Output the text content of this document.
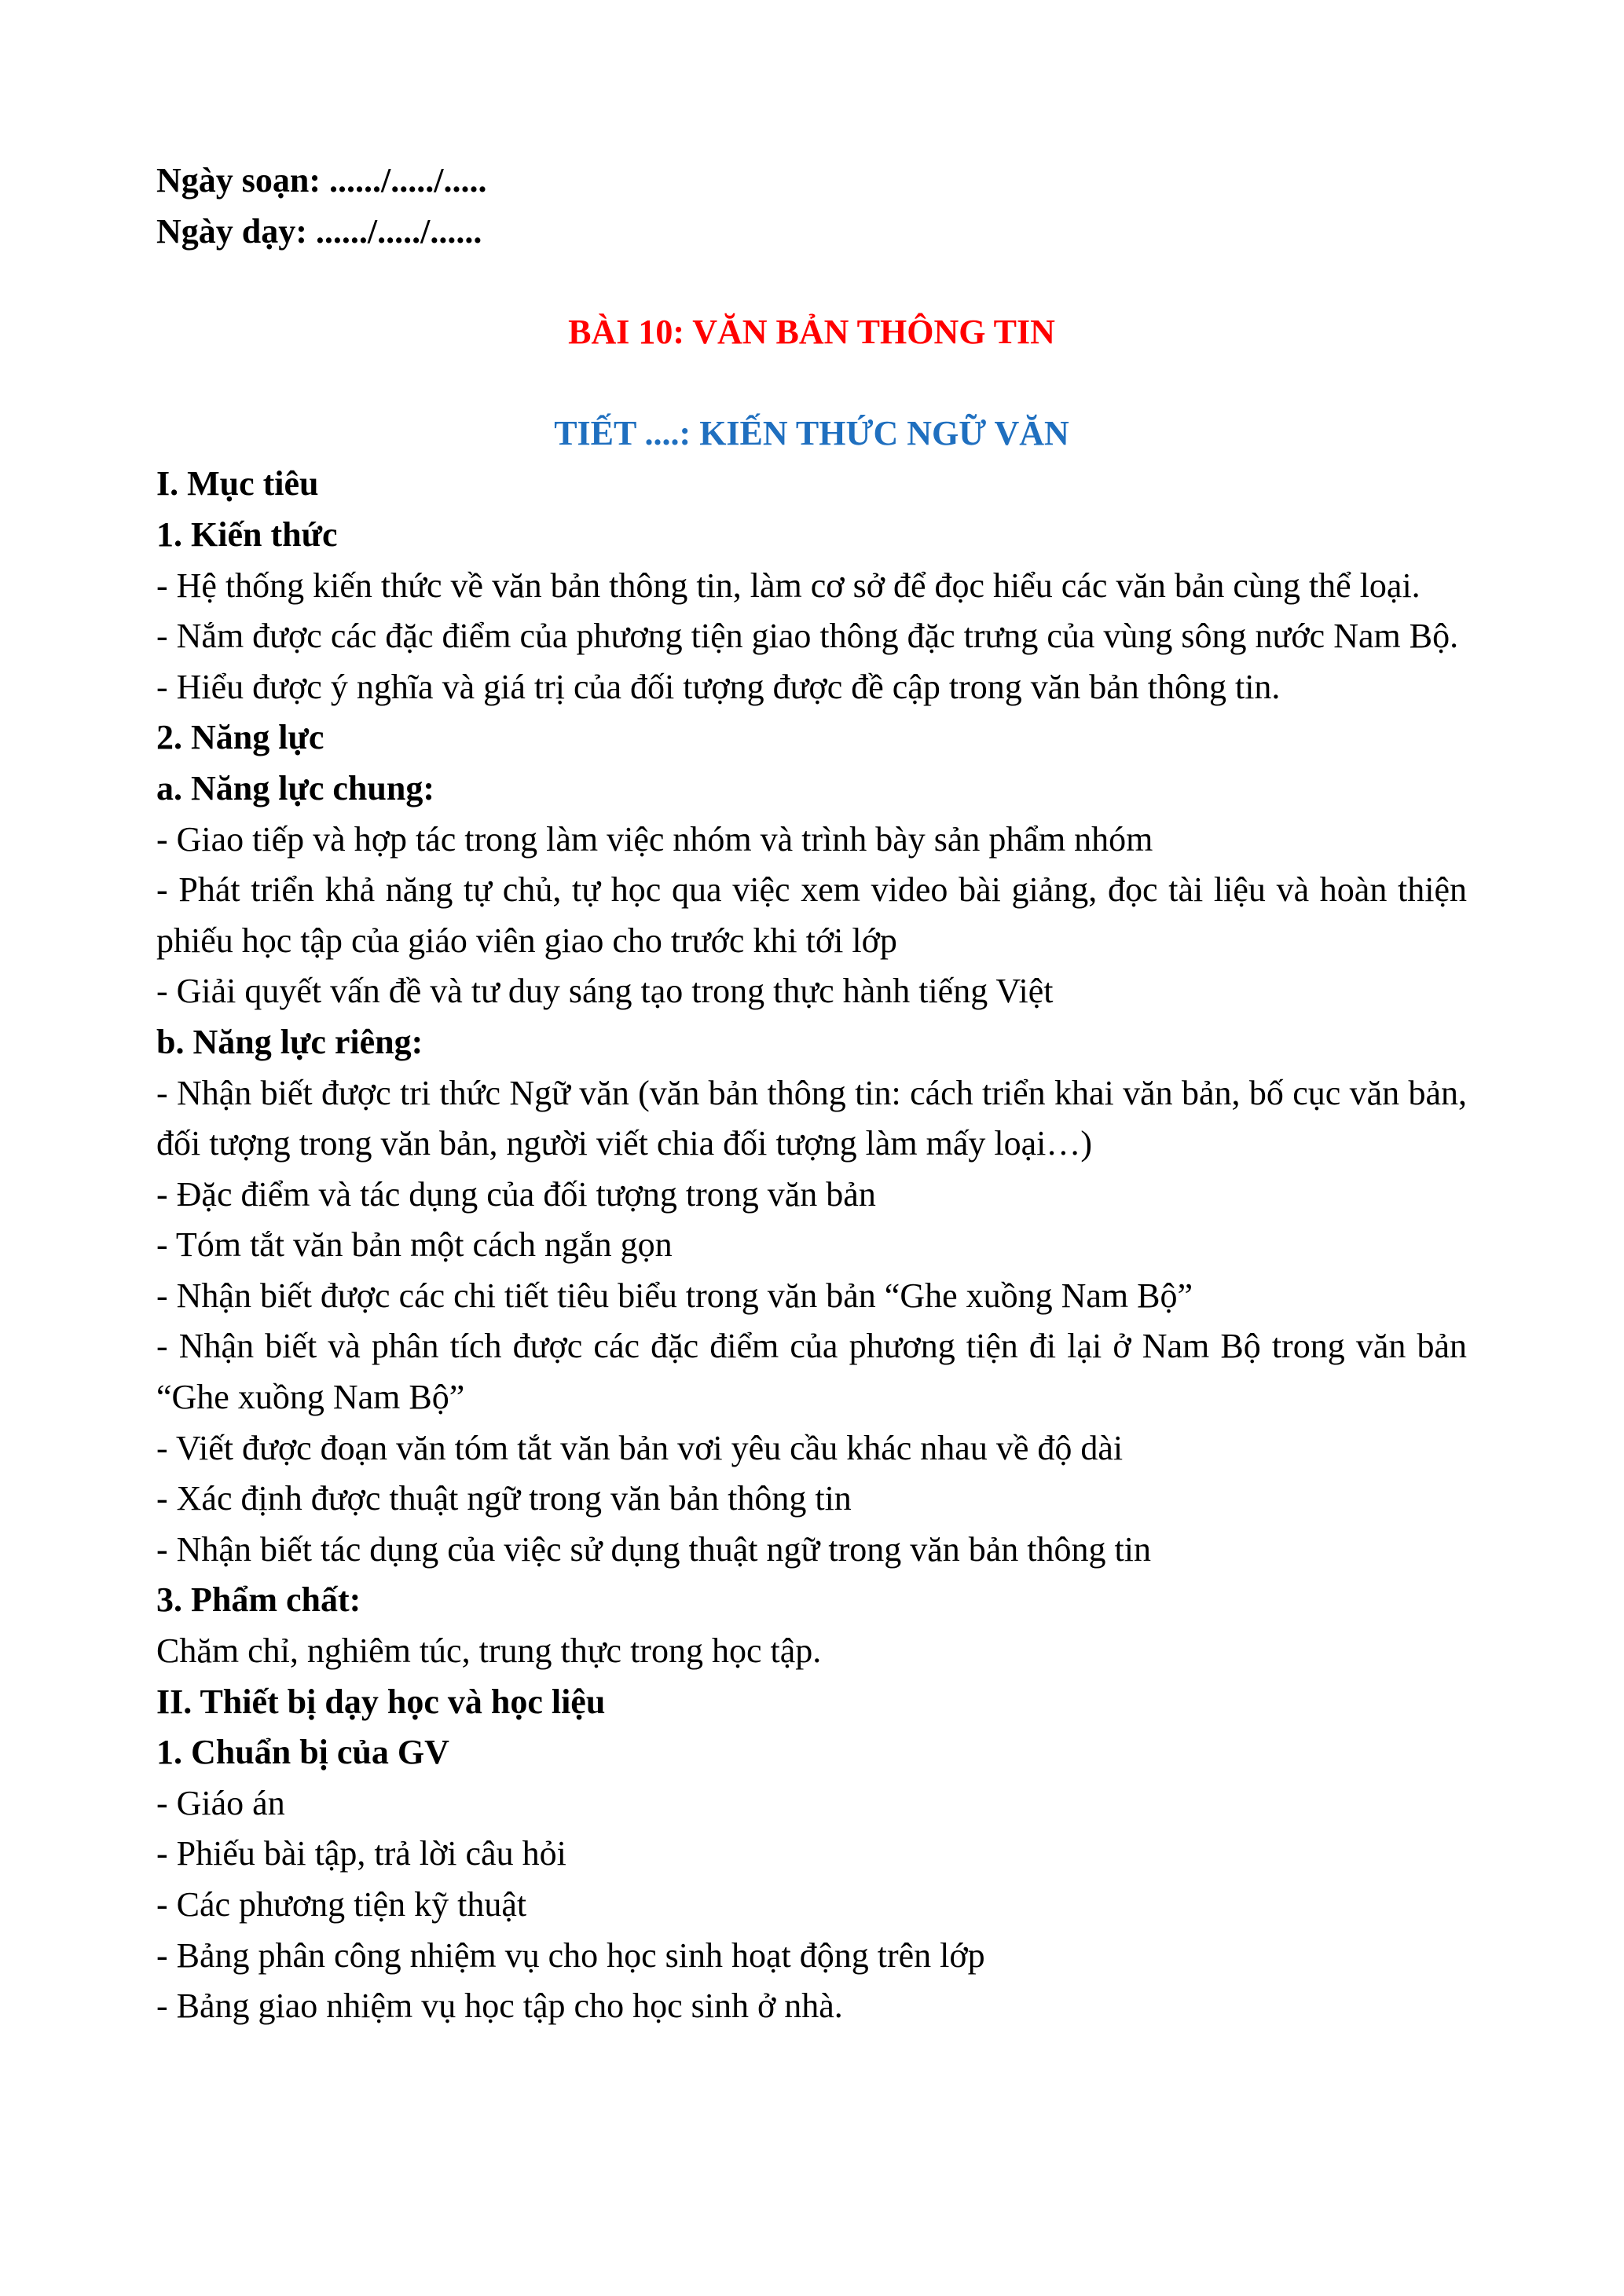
Ngày soạn: ....../...../.....

Ngày dạy: ....../...../......

BÀI 10: VĂN BẢN THÔNG TIN

TIẾT ....: KIẾN THỨC NGỮ VĂN

I. Mục tiêu

1. Kiến thức

- Hệ thống kiến thức về văn bản thông tin, làm cơ sở để đọc hiểu các văn bản cùng thể loại.

- Nắm được các đặc điểm của phương tiện giao thông đặc trưng của vùng sông nước Nam Bộ.

- Hiểu được ý nghĩa và giá trị của đối tượng được đề cập trong văn bản thông tin.

2. Năng lực

a. Năng lực chung:

- Giao tiếp và hợp tác trong làm việc nhóm và trình bày sản phẩm nhóm

- Phát triển khả năng tự chủ, tự học qua việc xem video bài giảng, đọc tài liệu và hoàn thiện phiếu học tập của giáo viên giao cho trước khi tới lớp

- Giải quyết vấn đề và tư duy sáng tạo trong thực hành tiếng Việt

b. Năng lực riêng:

- Nhận biết được tri thức Ngữ văn (văn bản thông tin: cách triển khai văn bản, bố cục văn bản, đối tượng trong văn bản, người viết chia đối tượng làm mấy loại…)

- Đặc điểm và tác dụng của đối tượng trong văn bản

- Tóm tắt văn bản một cách ngắn gọn

- Nhận biết được các chi tiết tiêu biểu trong văn bản “Ghe xuồng Nam Bộ”

- Nhận biết và phân tích được các đặc điểm của phương tiện đi lại ở Nam Bộ trong văn bản “Ghe xuồng Nam Bộ”

- Viết được đoạn văn tóm tắt văn bản vơi yêu cầu khác nhau về độ dài

- Xác định được thuật ngữ trong văn bản thông tin

- Nhận biết tác dụng của việc sử dụng thuật ngữ trong văn bản thông tin

3. Phẩm chất:

Chăm chỉ, nghiêm túc, trung thực trong học tập.

II. Thiết bị dạy học và học liệu

1. Chuẩn bị của GV

- Giáo án

- Phiếu bài tập, trả lời câu hỏi

- Các phương tiện kỹ thuật

- Bảng phân công nhiệm vụ cho học sinh hoạt động trên lớp

- Bảng giao nhiệm vụ học tập cho học sinh ở nhà.
